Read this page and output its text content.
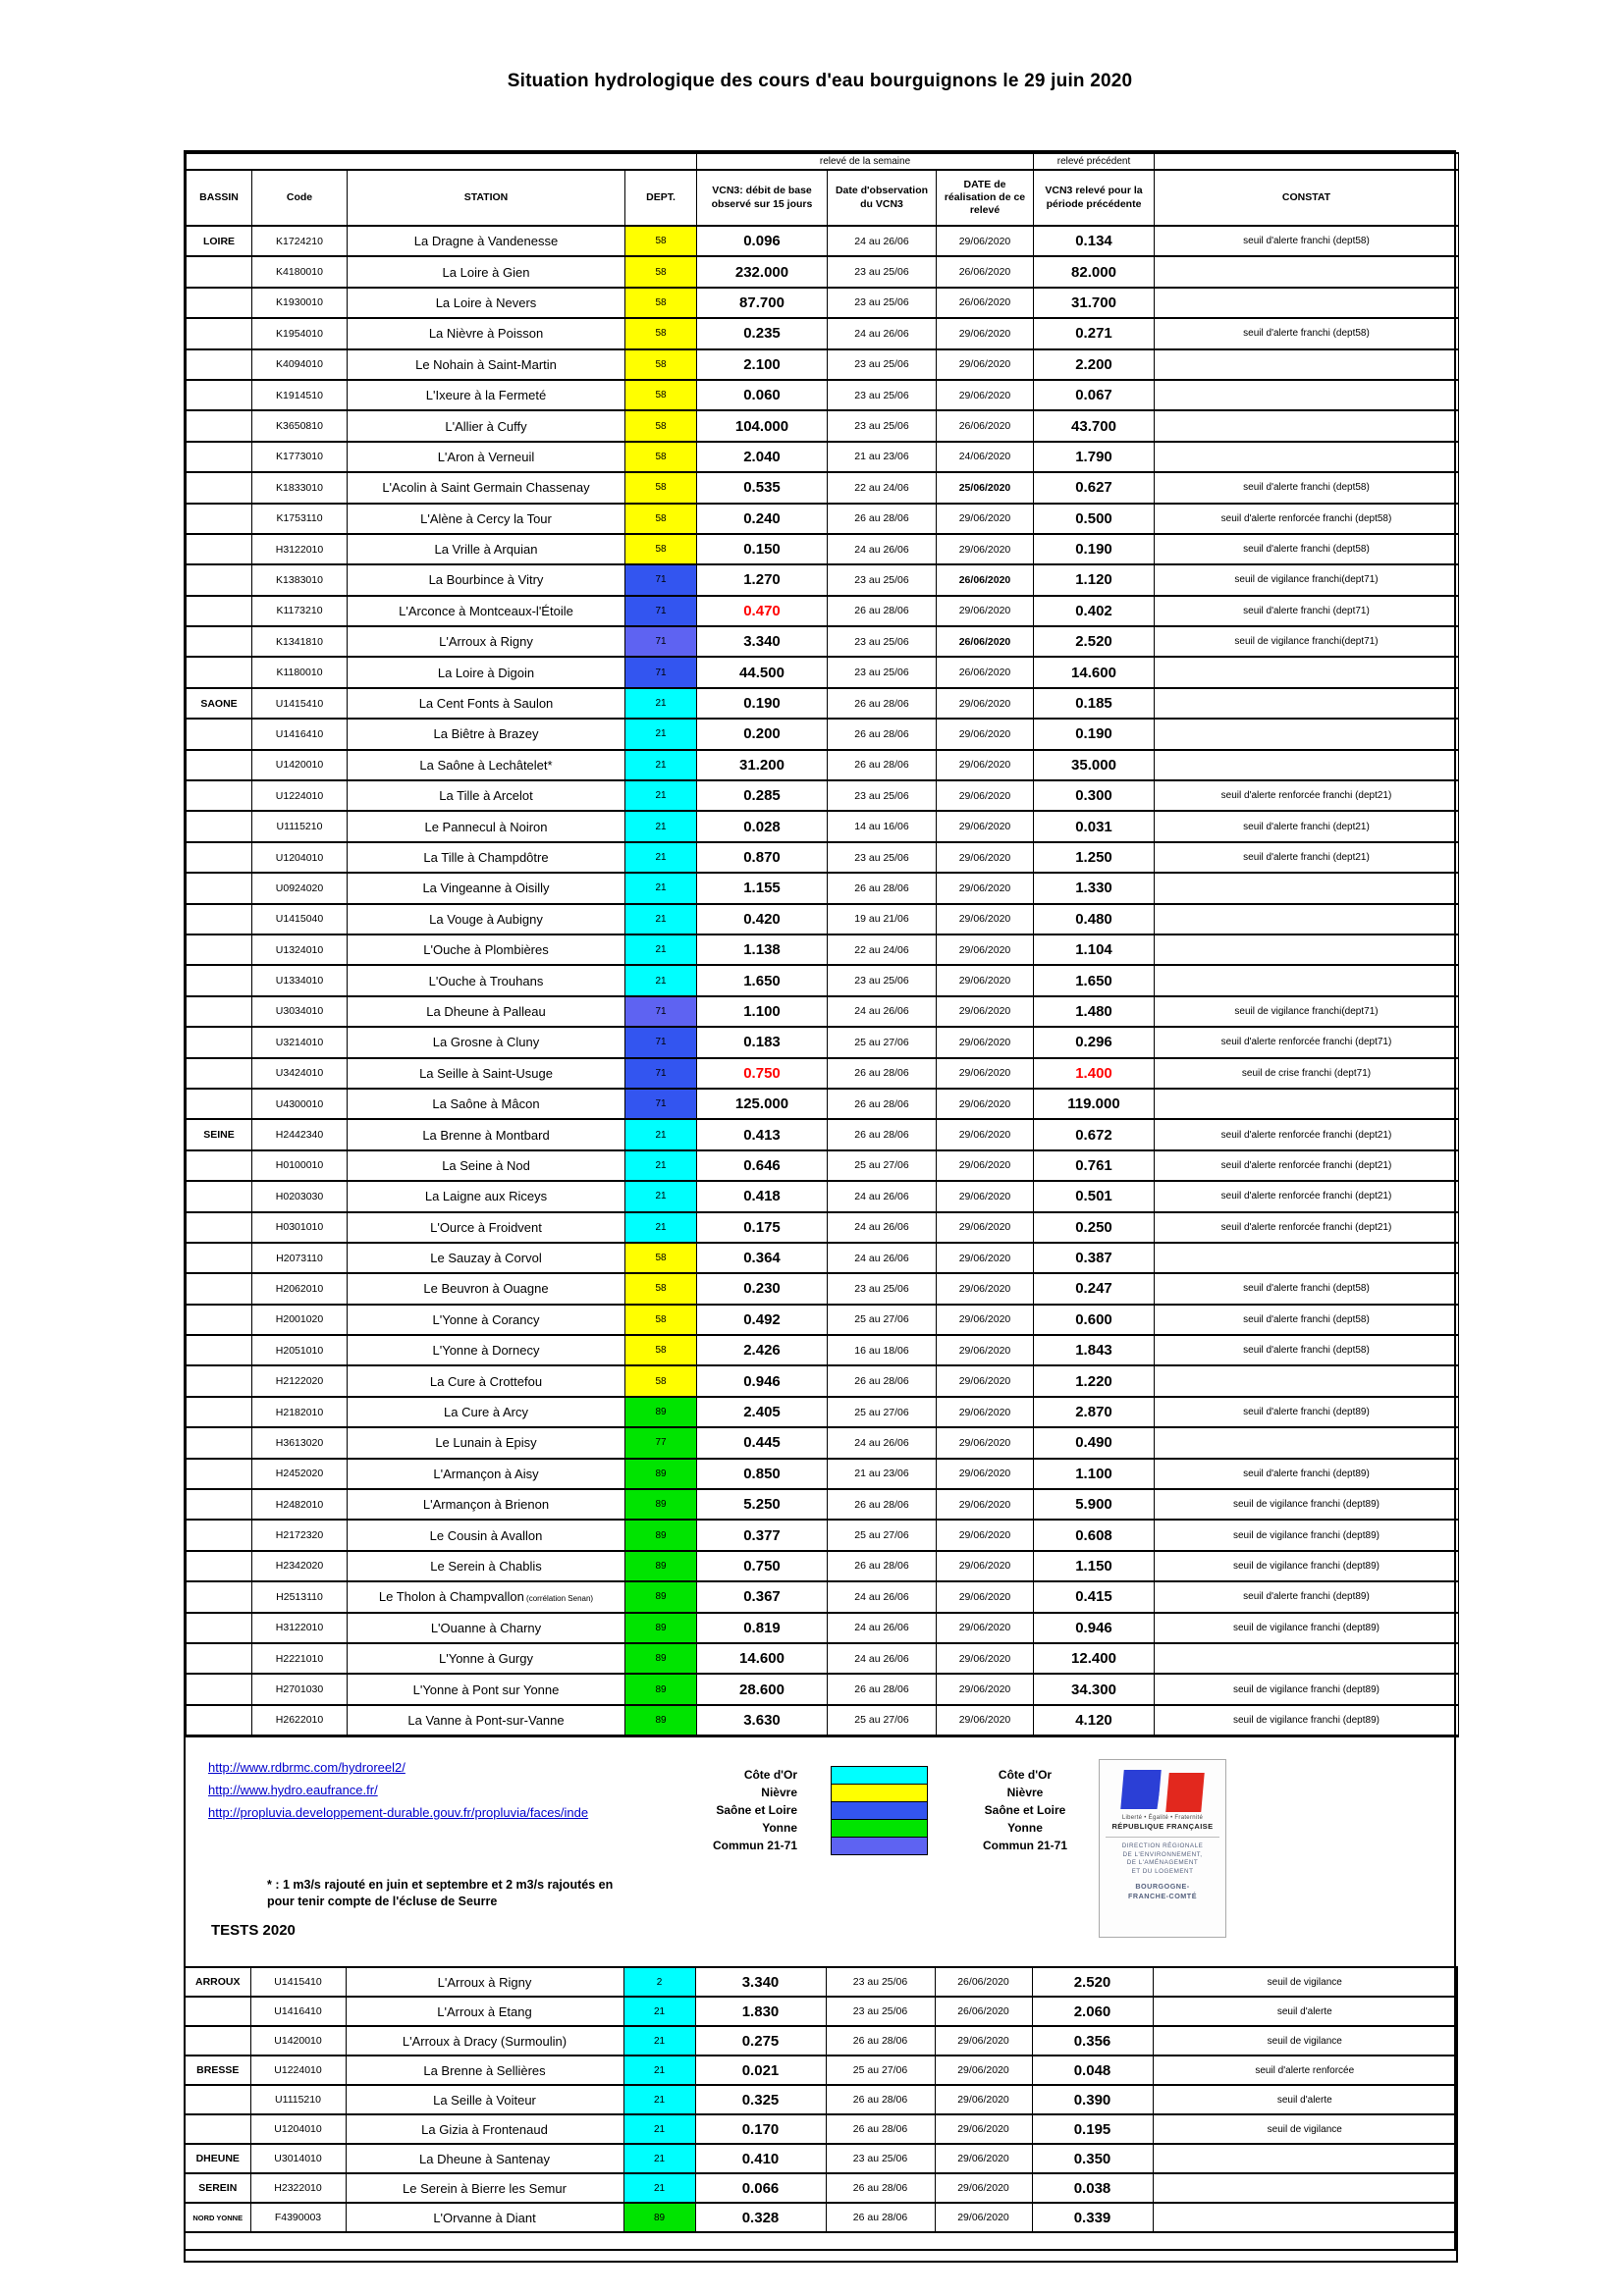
Situation hydrologique des cours d'eau bourguignons le 29 juin 2020
				relevé de la semaine			relevé précédent	
BASSIN	Code	STATION	DEPT.	VCN3: débit de base observé sur 15 jours	Date d'observation du VCN3	DATE de réalisation de ce relevé	VCN3 relevé pour la période précédente	CONSTAT
LOIRE	K1724210	La Dragne à Vandenesse	58	0.096	24 au 26/06	29/06/2020	0.134	seuil d'alerte franchi (dept58)
	K4180010	La Loire à Gien	58	232.000	23 au 25/06	26/06/2020	82.000	
	K1930010	La Loire à Nevers	58	87.700	23 au 25/06	26/06/2020	31.700	
	K1954010	La Nièvre à Poisson	58	0.235	24 au 26/06	29/06/2020	0.271	seuil d'alerte franchi (dept58)
	K4094010	Le Nohain à Saint-Martin	58	2.100	23 au 25/06	29/06/2020	2.200	
	K1914510	L'Ixeure à la Fermeté	58	0.060	23 au 25/06	29/06/2020	0.067	
	K3650810	L'Allier à Cuffy	58	104.000	23 au 25/06	26/06/2020	43.700	
	K1773010	L'Aron à Verneuil	58	2.040	21 au 23/06	24/06/2020	1.790	
	K1833010	L'Acolin à Saint Germain Chassenay	58	0.535	22 au 24/06	25/06/2020	0.627	seuil d'alerte franchi (dept58)
	K1753110	L'Alène à Cercy la Tour	58	0.240	26 au 28/06	29/06/2020	0.500	seuil d'alerte renforcée franchi (dept58)
	H3122010	La Vrille à Arquian	58	0.150	24 au 26/06	29/06/2020	0.190	seuil d'alerte franchi (dept58)
	K1383010	La Bourbince à Vitry	71	1.270	23 au 25/06	26/06/2020	1.120	seuil de vigilance franchi(dept71)
	K1173210	L'Arconce à Montceaux-l'Étoile	71	0.470	26 au 28/06	29/06/2020	0.402	seuil d'alerte franchi (dept71)
	K1341810	L'Arroux à Rigny	71	3.340	23 au 25/06	26/06/2020	2.520	seuil de vigilance franchi(dept71)
	K1180010	La Loire à Digoin	71	44.500	23 au 25/06	26/06/2020	14.600	
SAONE	U1415410	La Cent Fonts à Saulon	21	0.190	26 au 28/06	29/06/2020	0.185	
	U1416410	La Biêtre à Brazey	21	0.200	26 au 28/06	29/06/2020	0.190	
	U1420010	La Saône à Lechâtelet*	21	31.200	26 au 28/06	29/06/2020	35.000	
	U1224010	La Tille à Arcelot	21	0.285	23 au 25/06	29/06/2020	0.300	seuil d'alerte renforcée franchi (dept21)
	U1115210	Le Pannecul à Noiron	21	0.028	14 au 16/06	29/06/2020	0.031	seuil d'alerte franchi (dept21)
	U1204010	La Tille à Champdôtre	21	0.870	23 au 25/06	29/06/2020	1.250	seuil d'alerte franchi (dept21)
	U0924020	La Vingeanne à Oisilly	21	1.155	26 au 28/06	29/06/2020	1.330	
	U1415040	La Vouge à Aubigny	21	0.420	19 au 21/06	29/06/2020	0.480	
	U1324010	L'Ouche à Plombières	21	1.138	22 au 24/06	29/06/2020	1.104	
	U1334010	L'Ouche à Trouhans	21	1.650	23 au 25/06	29/06/2020	1.650	
	U3034010	La Dheune à Palleau	71	1.100	24 au 26/06	29/06/2020	1.480	seuil de vigilance franchi(dept71)
	U3214010	La Grosne à Cluny	71	0.183	25 au 27/06	29/06/2020	0.296	seuil d'alerte renforcée franchi (dept71)
	U3424010	La Seille à Saint-Usuge	71	0.750	26 au 28/06	29/06/2020	1.400	seuil de crise franchi (dept71)
	U4300010	La Saône à Mâcon	71	125.000	26 au 28/06	29/06/2020	119.000	
SEINE	H2442340	La Brenne à Montbard	21	0.413	26 au 28/06	29/06/2020	0.672	seuil d'alerte renforcée franchi (dept21)
	H0100010	La Seine à Nod	21	0.646	25 au 27/06	29/06/2020	0.761	seuil d'alerte renforcée franchi (dept21)
	H0203030	La Laigne aux Riceys	21	0.418	24 au 26/06	29/06/2020	0.501	seuil d'alerte renforcée franchi (dept21)
	H0301010	L'Ource à Froidvent	21	0.175	24 au 26/06	29/06/2020	0.250	seuil d'alerte renforcée franchi (dept21)
	H2073110	Le Sauzay à Corvol	58	0.364	24 au 26/06	29/06/2020	0.387	
	H2062010	Le Beuvron à Ouagne	58	0.230	23 au 25/06	29/06/2020	0.247	seuil d'alerte franchi (dept58)
	H2001020	L'Yonne à Corancy	58	0.492	25 au 27/06	29/06/2020	0.600	seuil d'alerte franchi (dept58)
	H2051010	L'Yonne à Dornecy	58	2.426	16 au 18/06	29/06/2020	1.843	seuil d'alerte franchi (dept58)
	H2122020	La Cure à Crottefou	58	0.946	26 au 28/06	29/06/2020	1.220	
	H2182010	La Cure à Arcy	89	2.405	25 au 27/06	29/06/2020	2.870	seuil d'alerte franchi (dept89)
	H3613020	Le Lunain à Episy	77	0.445	24 au 26/06	29/06/2020	0.490	
	H2452020	L'Armançon à Aisy	89	0.850	21 au 23/06	29/06/2020	1.100	seuil d'alerte franchi (dept89)
	H2482010	L'Armançon à Brienon	89	5.250	26 au 28/06	29/06/2020	5.900	seuil de vigilance franchi (dept89)
	H2172320	Le Cousin à Avallon	89	0.377	25 au 27/06	29/06/2020	0.608	seuil de vigilance franchi (dept89)
	H2342020	Le Serein à Chablis	89	0.750	26 au 28/06	29/06/2020	1.150	seuil de vigilance franchi (dept89)
	H2513110	Le Tholon à Champvallon (corrélation Senan)	89	0.367	24 au 26/06	29/06/2020	0.415	seuil d'alerte franchi (dept89)
	H3122010	L'Ouanne à Charny	89	0.819	24 au 26/06	29/06/2020	0.946	seuil de vigilance franchi (dept89)
	H2221010	L'Yonne à Gurgy	89	14.600	24 au 26/06	29/06/2020	12.400	
	H2701030	L'Yonne à Pont sur Yonne	89	28.600	26 au 28/06	29/06/2020	34.300	seuil de vigilance franchi (dept89)
	H2622010	La Vanne à Pont-sur-Vanne	89	3.630	25 au 27/06	29/06/2020	4.120	seuil de vigilance franchi (dept89)
http://www.rdbrmc.com/hydroreel2/
http://www.hydro.eaufrance.fr/
http://propluvia.developpement-durable.gouv.fr/propluvia/faces/inde
Côte d'Or
Nièvre
Saône et Loire
Yonne
Commun 21-71
Côte d'Or
Nièvre
Saône et Loire
Yonne
Commun 21-71
Liberté • Égalité • Fraternité
RÉPUBLIQUE FRANÇAISE
DIRECTION RÉGIONALE
DE L'ENVIRONNEMENT,
DE L'AMÉNAGEMENT
ET DU LOGEMENT
BOURGOGNE-
FRANCHE-COMTÉ
* : 1 m3/s rajouté en juin et septembre et 2 m3/s rajoutés en
pour tenir compte de l'écluse de Seurre
TESTS 2020
ARROUX	U1415410	L'Arroux à Rigny	2	3.340	23 au 25/06	26/06/2020	2.520	seuil de vigilance
	U1416410	L'Arroux à Etang	21	1.830	23 au 25/06	26/06/2020	2.060	seuil d'alerte
	U1420010	L'Arroux à Dracy (Surmoulin)	21	0.275	26 au 28/06	29/06/2020	0.356	seuil de vigilance
BRESSE	U1224010	La Brenne à Sellières	21	0.021	25 au 27/06	29/06/2020	0.048	seuil d'alerte renforcée
	U1115210	La Seille à Voiteur	21	0.325	26 au 28/06	29/06/2020	0.390	seuil d'alerte
	U1204010	La Gizia à Frontenaud	21	0.170	26 au 28/06	29/06/2020	0.195	seuil de vigilance
DHEUNE	U3014010	La Dheune à Santenay	21	0.410	23 au 25/06	29/06/2020	0.350	
SEREIN	H2322010	Le Serein à Bierre les Semur	21	0.066	26 au 28/06	29/06/2020	0.038	
NORD YONNE	F4390003	L'Orvanne à Diant	89	0.328	26 au 28/06	29/06/2020	0.339	
